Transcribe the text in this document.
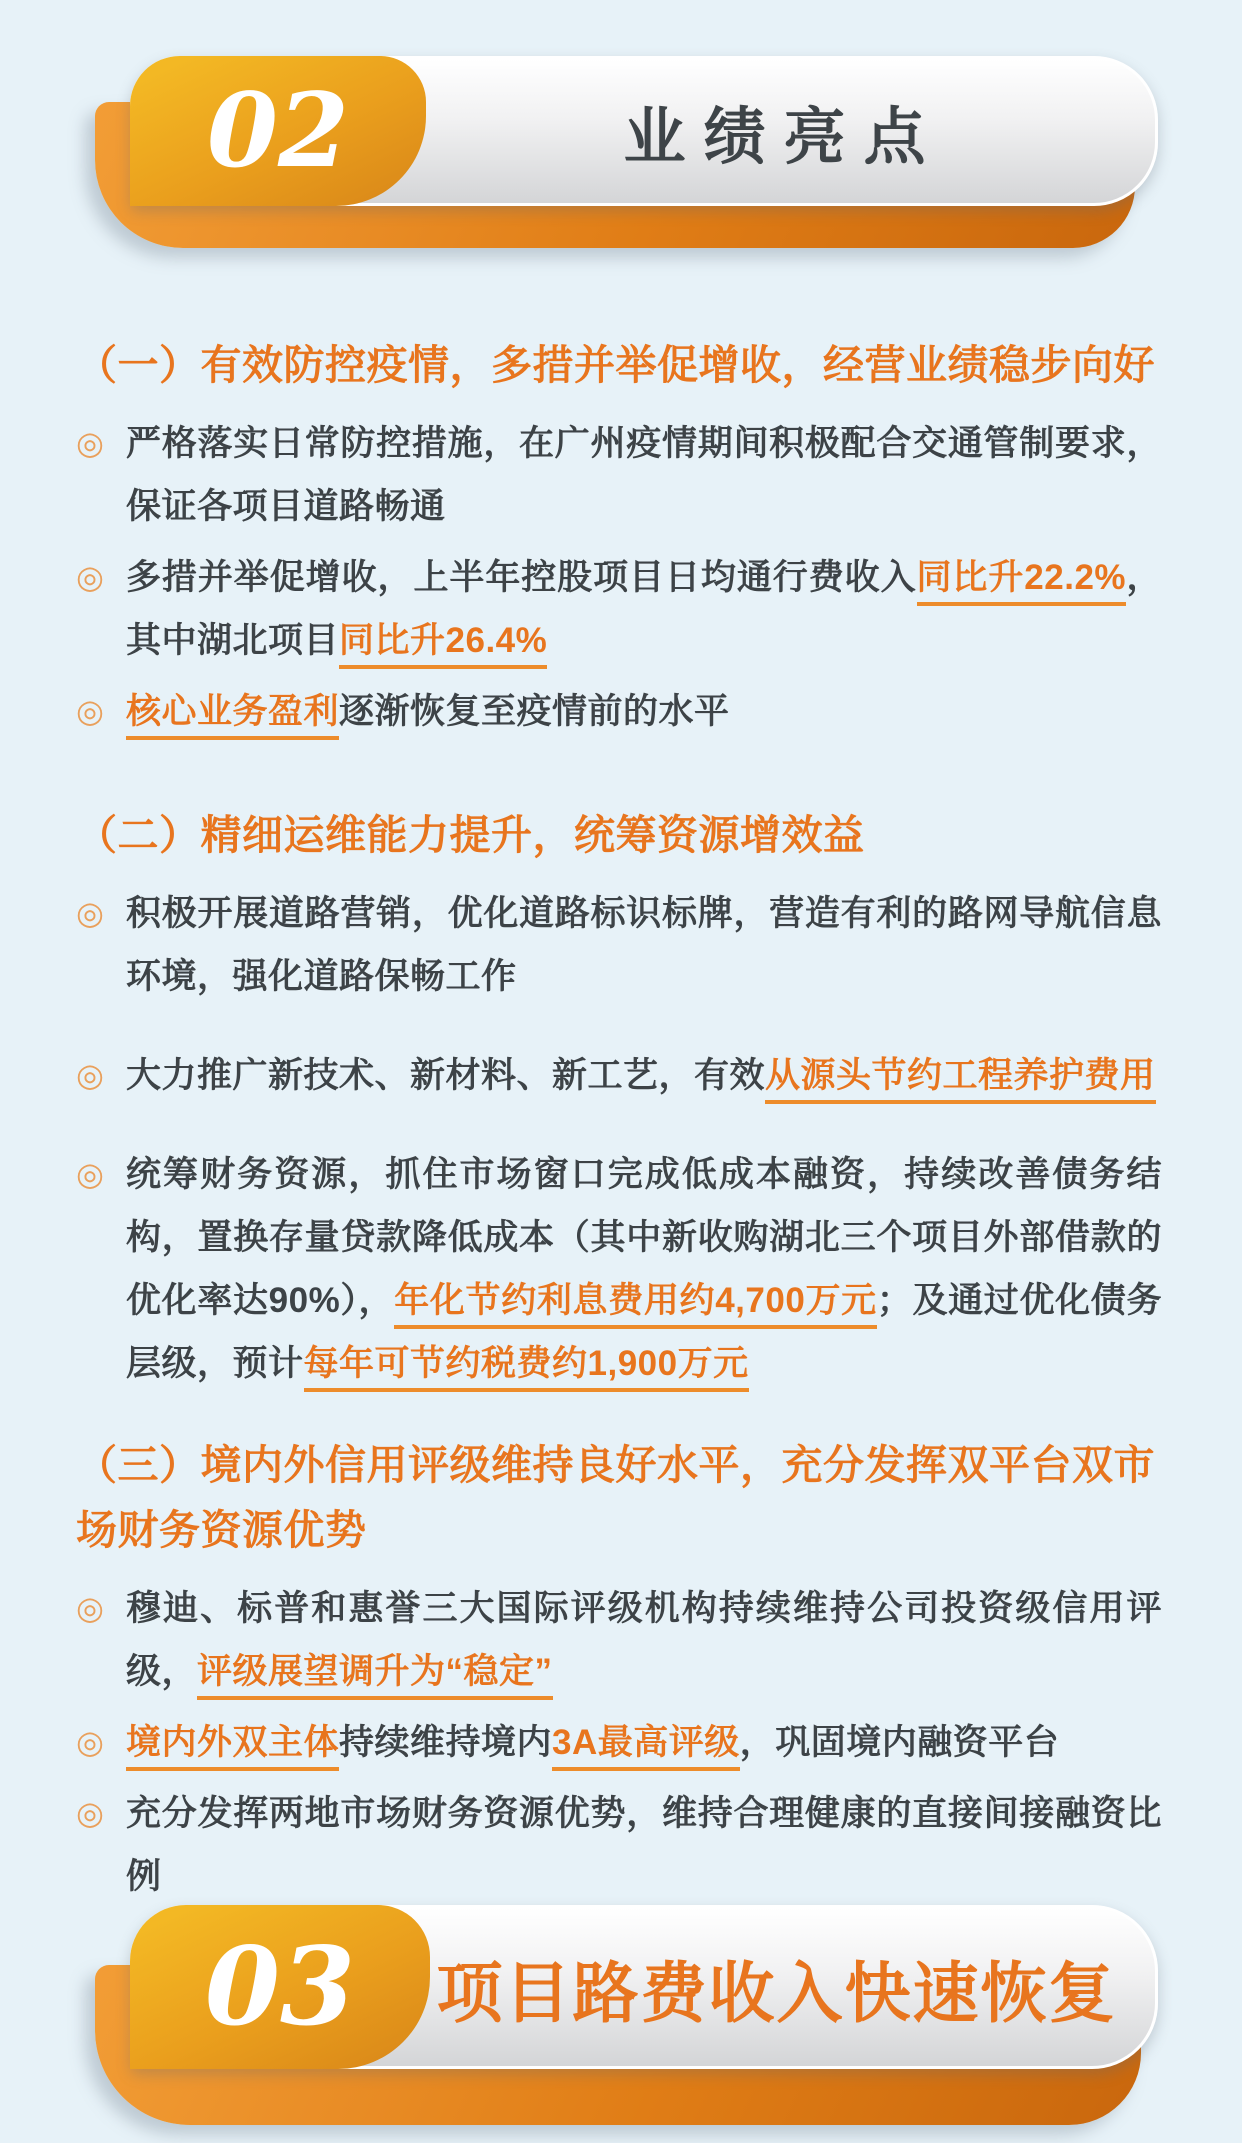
02	业绩亮点
（一）有效防控疫情，多措并举促增收，经营业绩稳步向好
◎ 严格落实日常防控措施，在广州疫情期间积极配合交通管制要求，保证各项目道路畅通
◎ 多措并举促增收，上半年控股项目日均通行费收入同比升22.2%，其中湖北项目同比升26.4%
◎ 核心业务盈利逐渐恢复至疫情前的水平
（二）精细运维能力提升，统筹资源增效益
◎ 积极开展道路营销，优化道路标识标牌，营造有利的路网导航信息环境，强化道路保畅工作
◎ 大力推广新技术、新材料、新工艺，有效从源头节约工程养护费用
◎ 统筹财务资源，抓住市场窗口完成低成本融资，持续改善债务结构，置换存量贷款降低成本（其中新收购湖北三个项目外部借款的优化率达90%），年化节约利息费用约4,700万元；及通过优化债务层级，预计每年可节约税费约1,900万元
（三）境内外信用评级维持良好水平，充分发挥双平台双市场财务资源优势
◎ 穆迪、标普和惠誉三大国际评级机构持续维持公司投资级信用评级，评级展望调升为“稳定”
◎ 境内外双主体持续维持境内3A最高评级，巩固境内融资平台
◎ 充分发挥两地市场财务资源优势，维持合理健康的直接间接融资比例
03 项目路费收入快速恢复
